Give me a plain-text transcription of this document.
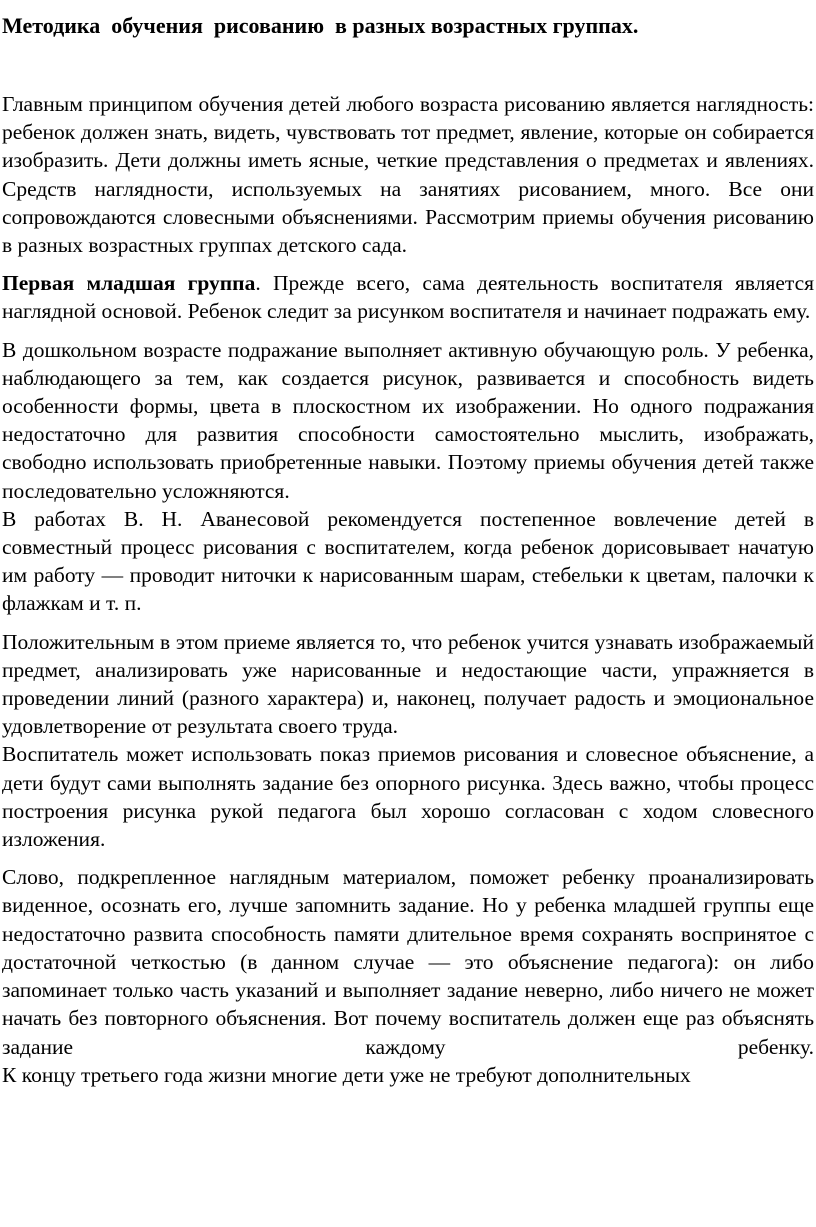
Методика  обучения  рисованию  в разных возрастных группах.

Главным принципом обучения детей любого возраста рисованию является наглядность: ребенок должен знать, видеть, чувствовать тот предмет, явление, которые он собирается изобразить. Дети должны иметь ясные, четкие представления о предметах и явлениях. Средств наглядности, используемых на занятиях рисованием, много. Все они сопровождаются словесными объяснениями. Рассмотрим приемы обучения рисованию в разных возрастных группах детского сада.

Первая младшая группа. Прежде всего, сама деятельность воспитателя является наглядной основой. Ребенок следит за рисунком воспитателя и начинает подражать ему.

В дошкольном возрасте подражание выполняет активную обучающую роль. У ребенка, наблюдающего за тем, как создается рисунок, развивается и способность видеть особенности формы, цвета в плоскостном их изображении. Но одного подражания недостаточно для развития способности самостоятельно мыслить, изображать, свободно использовать приобретенные навыки. Поэтому приемы обучения детей также последовательно усложняются.

В работах В. Н. Аванесовой рекомендуется постепенное вовлечение детей в совместный процесс рисования с воспитателем, когда ребенок дорисовывает начатую им работу — проводит ниточки к нарисованным шарам, стебельки к цветам, палочки к флажкам и т. п.

Положительным в этом приеме является то, что ребенок учится узнавать изображаемый предмет, анализировать уже нарисованные и недостающие части, упражняется в проведении линий (разного характера) и, наконец, получает радость и эмоциональное удовлетворение от результата своего труда.

Воспитатель может использовать показ приемов рисования и словесное объяснение, а дети будут сами выполнять задание без опорного рисунка. Здесь важно, чтобы процесс построения рисунка рукой педагога был хорошо согласован с ходом словесного изложения.

Слово, подкрепленное наглядным материалом, поможет ребенку проанализировать виденное, осознать его, лучше запомнить задание. Но у ребенка младшей группы еще недостаточно развита способность памяти длительное время сохранять воспринятое с достаточной четкостью (в данном случае — это объяснение педагога): он либо запоминает только часть указаний и выполняет задание неверно, либо ничего не может начать без повторного объяснения. Вот почему воспитатель должен еще раз объяснять задание каждому ребенку.

К концу третьего года жизни многие дети уже не требуют дополнительных
